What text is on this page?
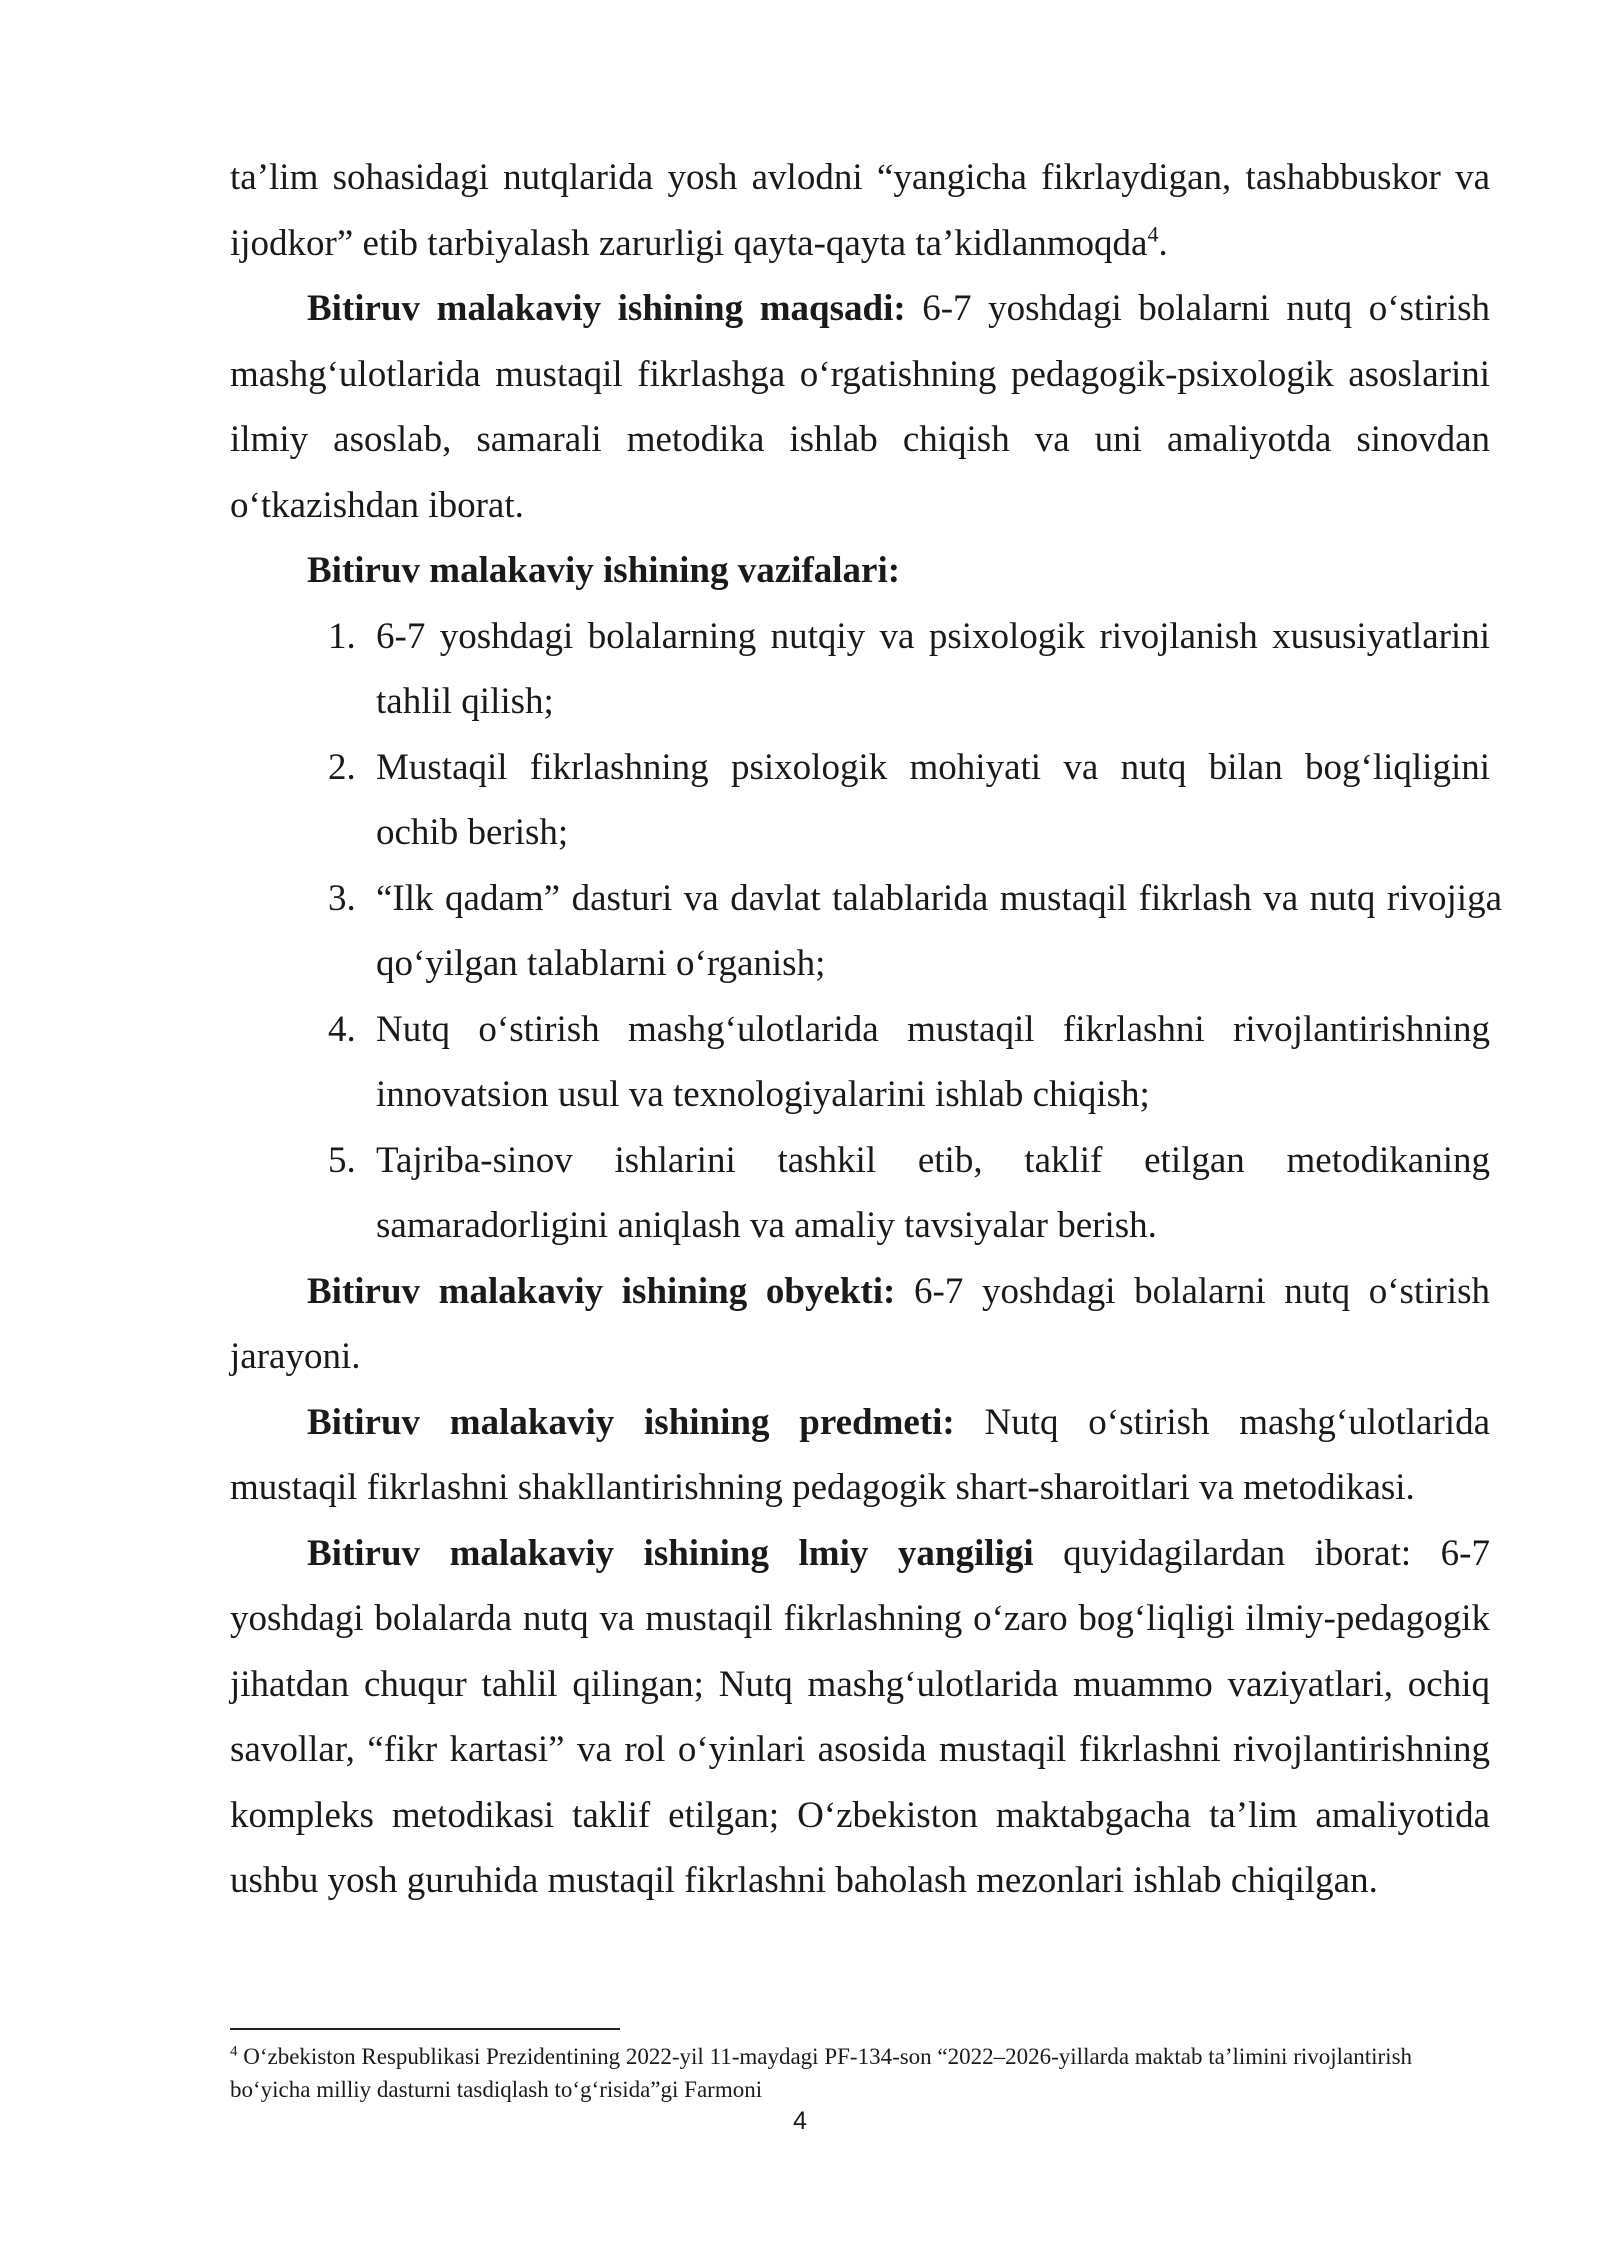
ta’lim sohasidagi nutqlarida yosh avlodni “yangicha fikrlaydigan, tashabbuskor va ijodkor” etib tarbiyalash zarurligi qayta-qayta ta’kidlanmoqda$^4$.

Bitiruv malakaviy ishining maqsadi: 6-7 yoshdagi bolalarni nutq o‘stirish mashg‘ulotlarida mustaqil fikrlashga o‘rgatishning pedagogik-psixologik asoslarini ilmiy asoslab, samarali metodika ishlab chiqish va uni amaliyotda sinovdan o‘tkazishdan iborat.

Bitiruv malakaviy ishining vazifalari:

1. 6-7 yoshdagi bolalarning nutqiy va psixologik rivojlanish xususiyatlarini tahlil qilish;
2. Mustaqil fikrlashning psixologik mohiyati va nutq bilan bog‘liqligini ochib berish;
3. “Ilk qadam” dasturi va davlat talablarida mustaqil fikrlash va nutq rivojiga qo‘yilgan talablarni o‘rganish;
4. Nutq o‘stirish mashg‘ulotlarida mustaqil fikrlashni rivojlantirishning innovatsion usul va texnologiyalarini ishlab chiqish;
5. Tajriba-sinov ishlarini tashkil etib, taklif etilgan metodikaning samaradorligini aniqlash va amaliy tavsiyalar berish.

Bitiruv malakaviy ishining obyekti: 6-7 yoshdagi bolalarni nutq o‘stirish jarayoni.

Bitiruv malakaviy ishining predmeti: Nutq o‘stirish mashg‘ulotlarida mustaqil fikrlashni shakllantirishning pedagogik shart-sharoitlari va metodikasi.

Bitiruv malakaviy ishining lmiy yangiligi quyidagilardan iborat: 6-7 yoshdagi bolalarda nutq va mustaqil fikrlashning o‘zaro bog‘liqligi ilmiy-pedagogik jihatdan chuqur tahlil qilingan; Nutq mashg‘ulotlarida muammo vaziyatlari, ochiq savollar, “fikr kartasi” va rol o‘yinlari asosida mustaqil fikrlashni rivojlantirishning kompleks metodikasi taklif etilgan; O‘zbekiston maktabgacha ta’lim amaliyotida ushbu yosh guruhida mustaqil fikrlashni baholash mezonlari ishlab chiqilgan.

$^4$ O‘zbekiston Respublikasi Prezidentining 2022-yil 11-maydagi PF-134-son “2022–2026-yillarda maktab ta’limini rivojlantirish bo‘yicha milliy dasturni tasdiqlash to‘g‘risida”gi Farmoni
4
